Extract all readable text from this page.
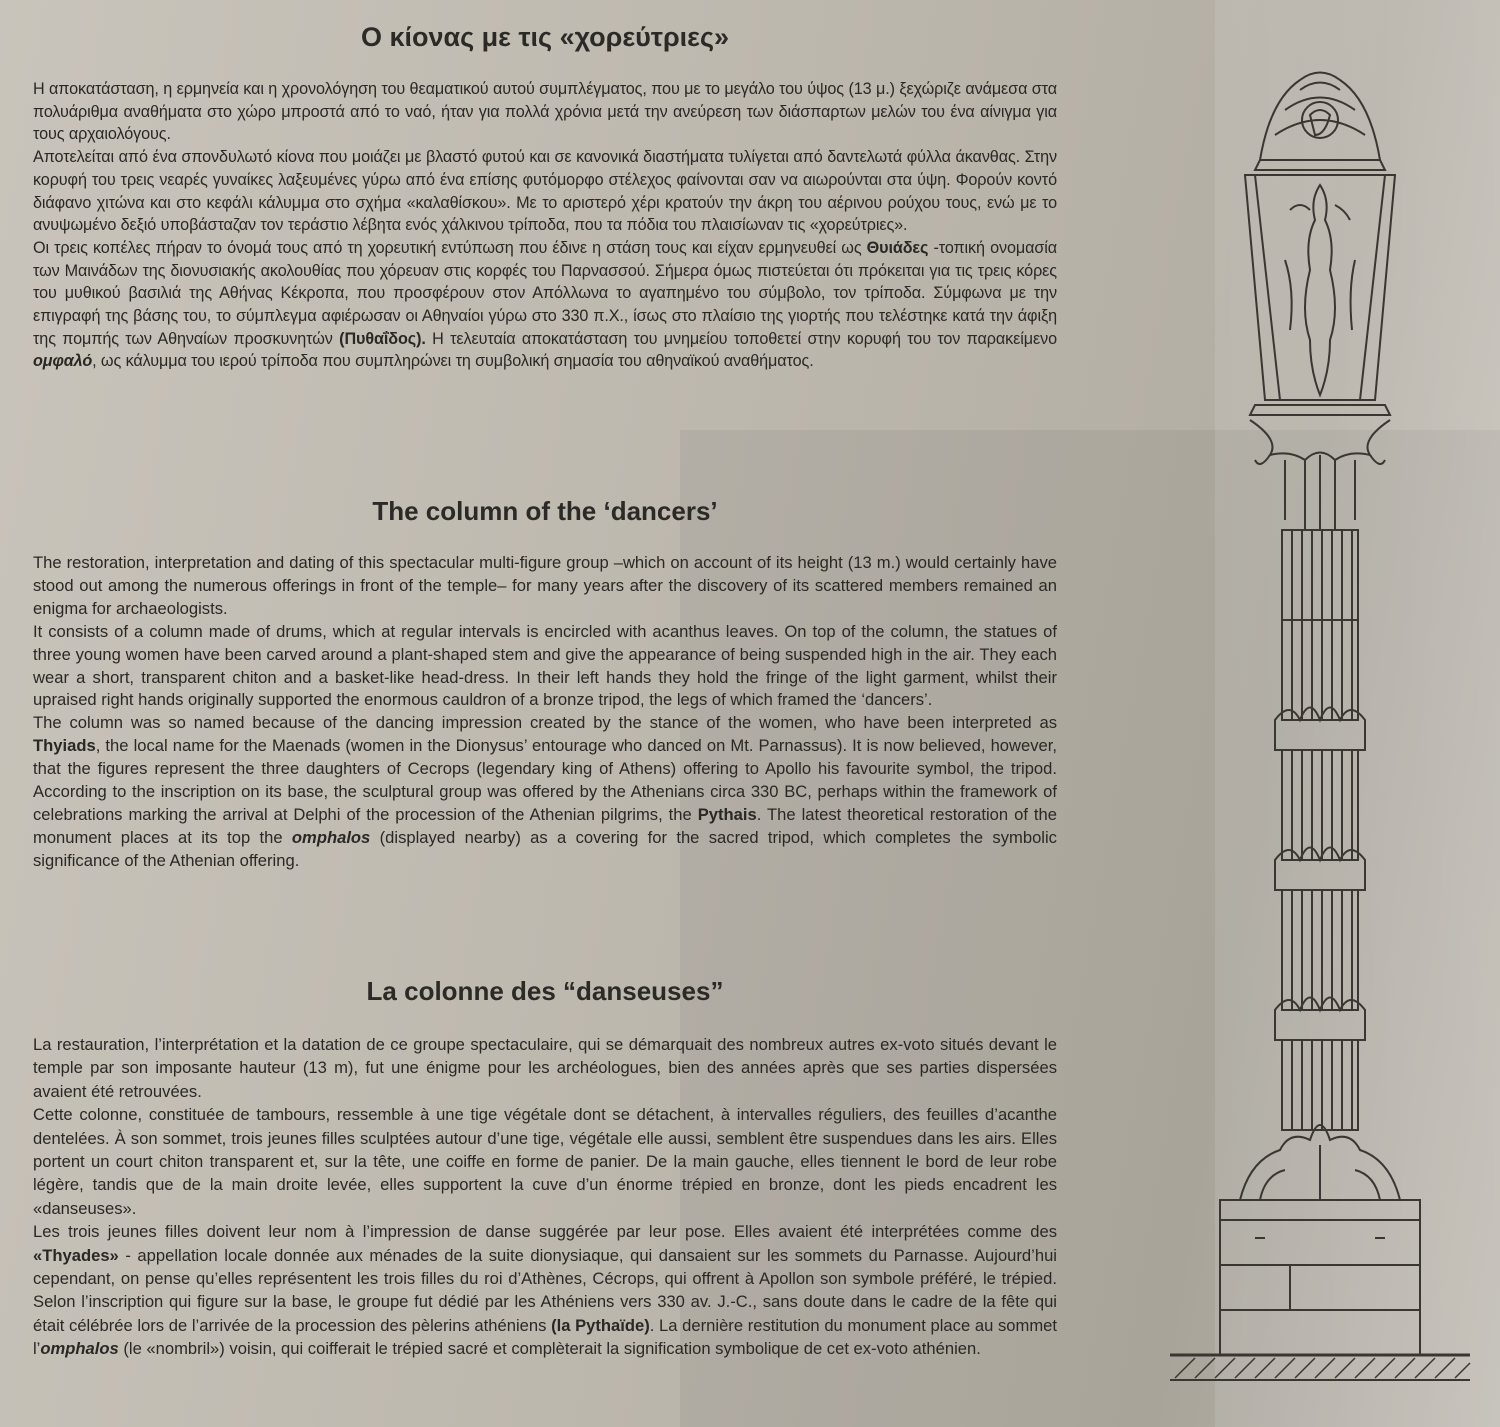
Ο κίονας με τις «χορεύτριες»

Η αποκατάσταση, η ερμηνεία και η χρονολόγηση του θεαματικού αυτού συμπλέγματος, που με το μεγάλο του ύψος (13 μ.) ξεχώριζε ανάμεσα στα πολυάριθμα αναθήματα στο χώρο μπροστά από το ναό, ήταν για πολλά χρόνια μετά την ανεύρεση των διάσπαρτων μελών του ένα αίνιγμα για τους αρχαιολόγους.

Αποτελείται από ένα σπονδυλωτό κίονα που μοιάζει με βλαστό φυτού και σε κανονικά διαστήματα τυλίγεται από δαντελωτά φύλλα άκανθας. Στην κορυφή του τρεις νεαρές γυναίκες λαξευμένες γύρω από ένα επίσης φυτόμορφο στέλεχος φαίνονται σαν να αιωρούνται στα ύψη. Φορούν κοντό διάφανο χιτώνα και στο κεφάλι κάλυμμα στο σχήμα «καλαθίσκου». Με το αριστερό χέρι κρατούν την άκρη του αέρινου ρούχου τους, ενώ με το ανυψωμένο δεξιό υποβάσταζαν τον τεράστιο λέβητα ενός χάλκινου τρίποδα, που τα πόδια του πλαισίωναν τις «χορεύτριες».

Οι τρεις κοπέλες πήραν το όνομά τους από τη χορευτική εντύπωση που έδινε η στάση τους και είχαν ερμηνευθεί ως Θυιάδες -τοπική ονομασία των Μαινάδων της διονυσιακής ακολουθίας που χόρευαν στις κορφές του Παρνασσού. Σήμερα όμως πιστεύεται ότι πρόκειται για τις τρεις κόρες του μυθικού βασιλιά της Αθήνας Κέκροπα, που προσφέρουν στον Απόλλωνα το αγαπημένο του σύμβολο, τον τρίποδα. Σύμφωνα με την επιγραφή της βάσης του, το σύμπλεγμα αφιέρωσαν οι Αθηναίοι γύρω στο 330 π.Χ., ίσως στο πλαίσιο της γιορτής που τελέστηκε κατά την άφιξη της πομπής των Αθηναίων προσκυνητών (Πυθαΐδος). Η τελευταία αποκατάσταση του μνημείου τοποθετεί στην κορυφή του τον παρακείμενο ομφαλό, ως κάλυμμα του ιερού τρίποδα που συμπληρώνει τη συμβολική σημασία του αθηναϊκού αναθήματος.

The column of the ‘dancers’

The restoration, interpretation and dating of this spectacular multi-figure group –which on account of its height (13 m.) would certainly have stood out among the numerous offerings in front of the temple– for many years after the discovery of its scattered members remained an enigma for archaeologists.

It consists of a column made of drums, which at regular intervals is encircled with acanthus leaves. On top of the column, the statues of three young women have been carved around a plant-shaped stem and give the appearance of being suspended high in the air. They each wear a short, transparent chiton and a basket-like head-dress. In their left hands they hold the fringe of the light garment, whilst their upraised right hands originally supported the enormous cauldron of a bronze tripod, the legs of which framed the ‘dancers’.

The column was so named because of the dancing impression created by the stance of the women, who have been interpreted as Thyiads, the local name for the Maenads (women in the Dionysus’ entourage who danced on Mt. Parnassus). It is now believed, however, that the figures represent the three daughters of Cecrops (legendary king of Athens) offering to Apollo his favourite symbol, the tripod. According to the inscription on its base, the sculptural group was offered by the Athenians circa 330 BC, perhaps within the framework of celebrations marking the arrival at Delphi of the procession of the Athenian pilgrims, the Pythais. The latest theoretical restoration of the monument places at its top the omphalos (displayed nearby) as a covering for the sacred tripod, which completes the symbolic significance of the Athenian offering.

La colonne des “danseuses”

La restauration, l’interprétation et la datation de ce groupe spectaculaire, qui se démarquait des nombreux autres ex-voto situés devant le temple par son imposante hauteur (13 m), fut une énigme pour les archéologues, bien des années après que ses parties dispersées avaient été retrouvées.

Cette colonne, constituée de tambours, ressemble à une tige végétale dont se détachent, à intervalles réguliers, des feuilles d’acanthe dentelées. À son sommet, trois jeunes filles sculptées autour d’une tige, végétale elle aussi, semblent être suspendues dans les airs. Elles portent un court chiton transparent et, sur la tête, une coiffe en forme de panier. De la main gauche, elles tiennent le bord de leur robe légère, tandis que de la main droite levée, elles supportent la cuve d’un énorme trépied en bronze, dont les pieds encadrent les «danseuses».

Les trois jeunes filles doivent leur nom à l’impression de danse suggérée par leur pose. Elles avaient été interprétées comme des «Thyades» - appellation locale donnée aux ménades de la suite dionysiaque, qui dansaient sur les sommets du Parnasse. Aujourd’hui cependant, on pense qu’elles représentent les trois filles du roi d’Athènes, Cécrops, qui offrent à Apollon son symbole préféré, le trépied. Selon l’inscription qui figure sur la base, le groupe fut dédié par les Athéniens vers 330 av. J.-C., sans doute dans le cadre de la fête qui était célébrée lors de l’arrivée de la procession des pèlerins athéniens (la Pythaïde). La dernière restitution du monument place au sommet l’omphalos (le «nombril») voisin, qui coifferait le trépied sacré et complèterait la signification symbolique de cet ex-voto athénien.
